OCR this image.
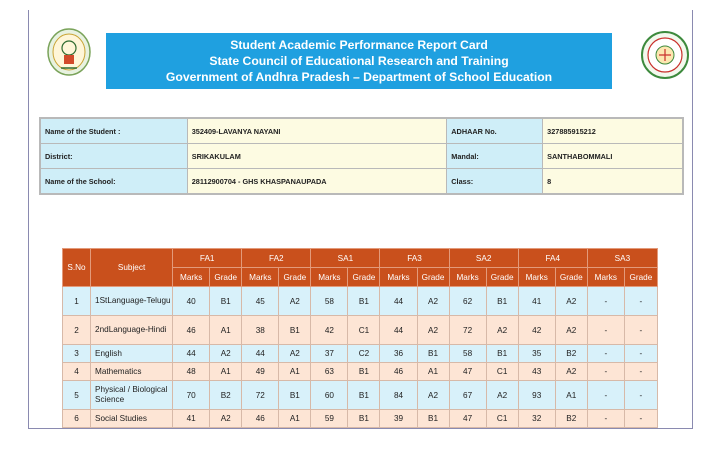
Student Academic Performance Report Card
State Council of Educational Research and Training
Government of Andhra Pradesh – Department of School Education
Name of the Student :	352409-LAVANYA NAYANI	ADHAAR No.	327885915212
District:	SRIKAKULAM	Mandal:	SANTHABOMMALI
Name of the School:	28112900704 - GHS KHASPANAUPADA	Class:	8
S.No	Subject	FA1		FA2		SA1		FA3		SA2		FA4		SA3	
		Marks	Grade	Marks	Grade	Marks	Grade	Marks	Grade	Marks	Grade	Marks	Grade	Marks	Grade
1	1StLanguage-Telugu	40	B1	45	A2	58	B1	44	A2	62	B1	41	A2	-	-
2	2ndLanguage-Hindi	46	A1	38	B1	42	C1	44	A2	72	A2	42	A2	-	-
3	English	44	A2	44	A2	37	C2	36	B1	58	B1	35	B2	-	-
4	Mathematics	48	A1	49	A1	63	B1	46	A1	47	C1	43	A2	-	-
5	Physical / Biological Science	70	B2	72	B1	60	B1	84	A2	67	A2	93	A1	-	-
6	Social Studies	41	A2	46	A1	59	B1	39	B1	47	C1	32	B2	-	-
